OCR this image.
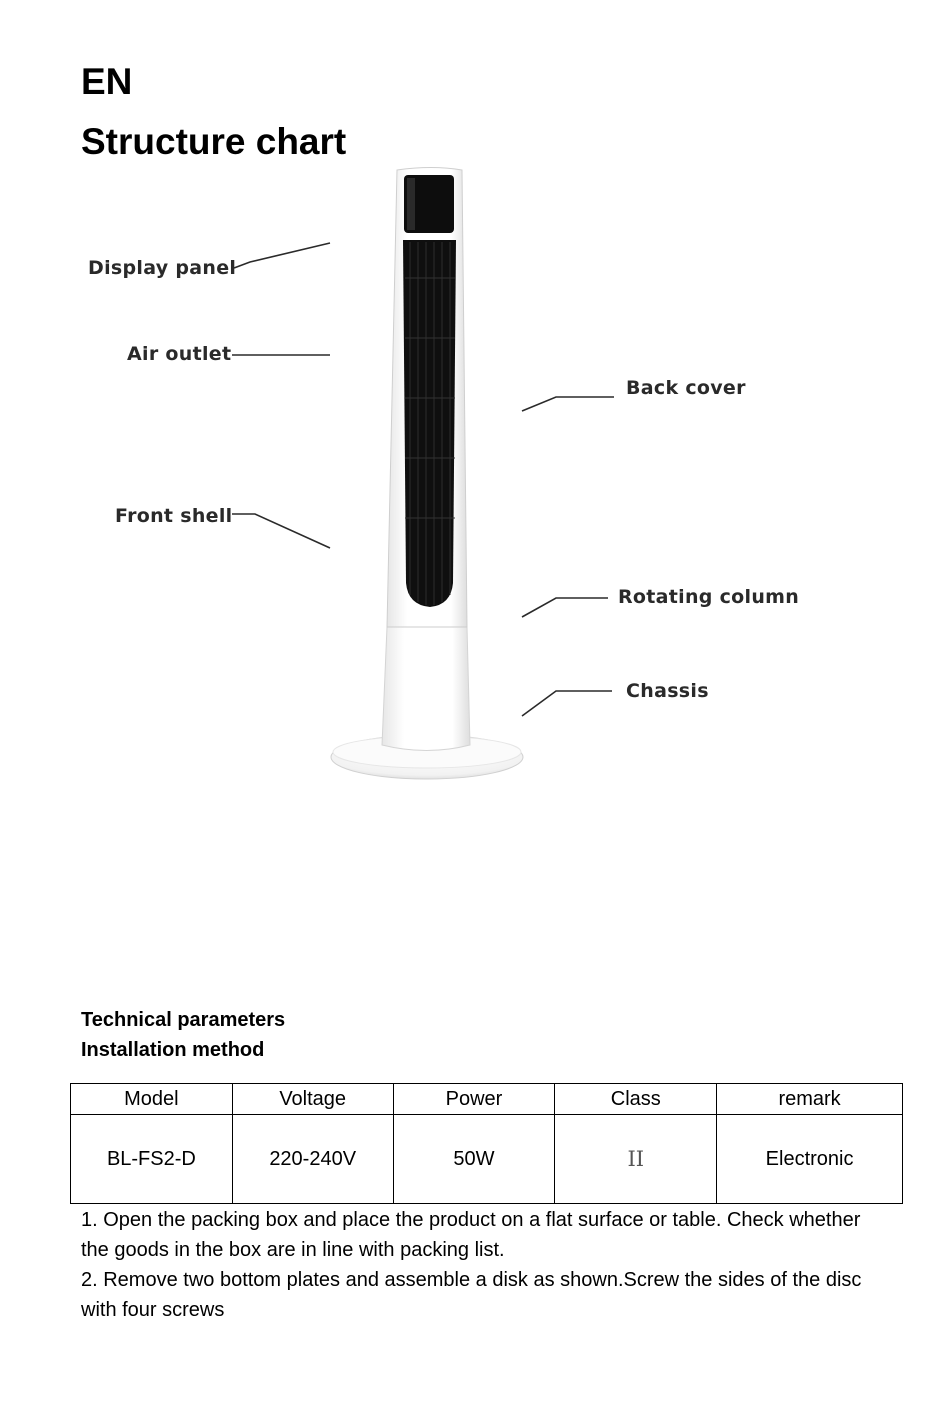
EN
Structure chart
Display panel
Air outlet
Front shell
Back cover
Rotating column
Chassis
Technical parameters
Installation method
Model	Voltage	Power	Class	remark
BL-FS2-D	220-240V	50W	II	Electronic

1. Open the packing box and place the product on a flat surface or table. Check whether the goods in the box are in line with packing list.

2. Remove two bottom plates and assemble a disk as shown.Screw the sides of the disc with four screws
